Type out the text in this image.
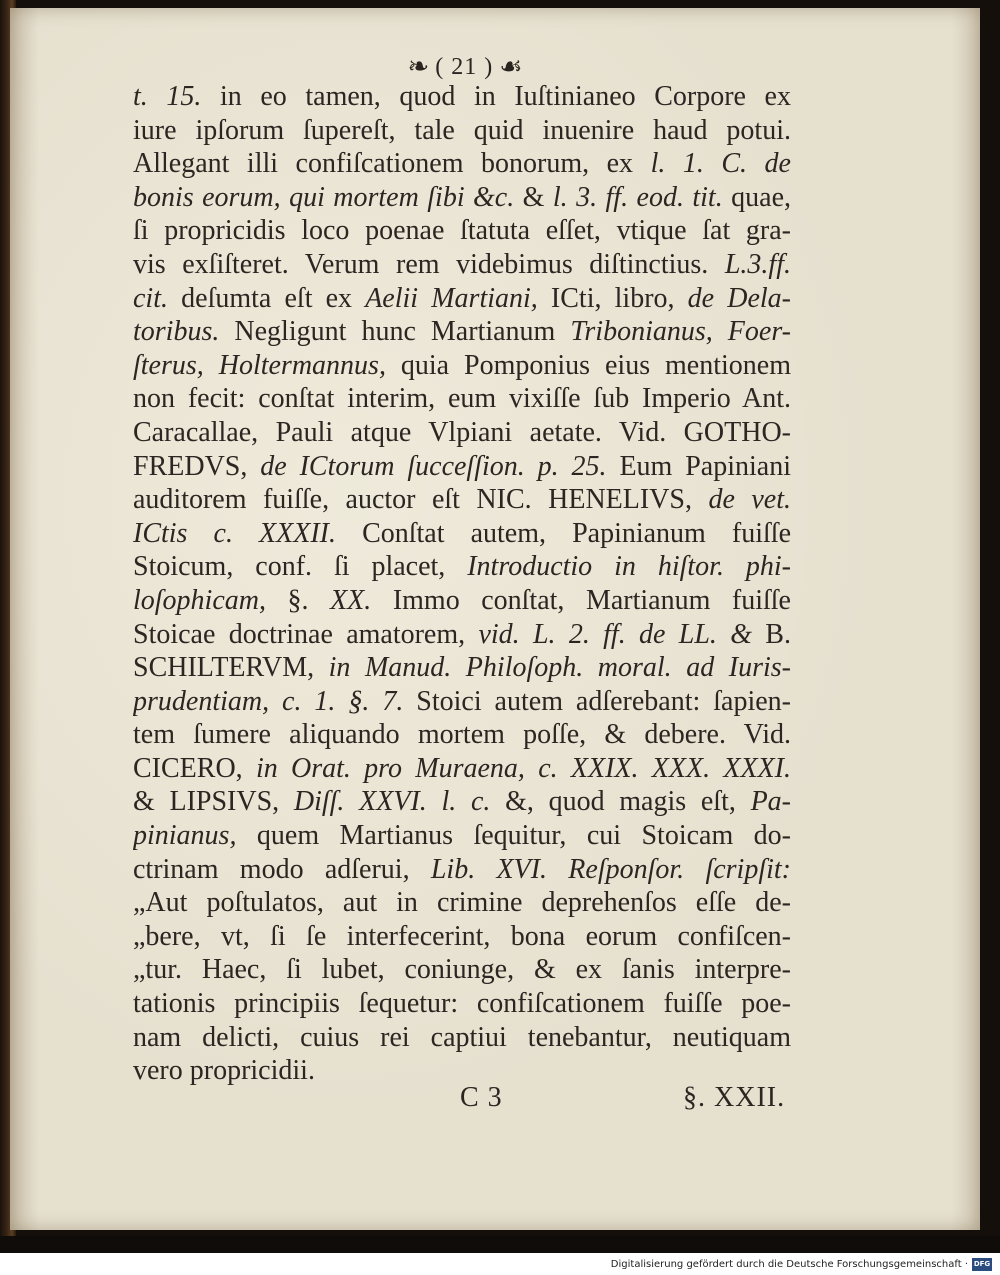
❧ ( 21 ) ☙
t. 15. in eo tamen, quod in Iuſtinianeo Corpore ex
iure ipſorum ſupereſt, tale quid inuenire haud potui.
Allegant illi confiſcationem bonorum, ex l. 1. C. de
bonis eorum, qui mortem ſibi &c. & l. 3. ff. eod. tit. quae,
ſi propricidis loco poenae ſtatuta eſſet, vtique ſat gra-
vis exſiſteret. Verum rem videbimus diſtinctius. L.3.ff.
cit. deſumta eſt ex Aelii Martiani, ICti, libro, de Dela-
toribus. Negligunt hunc Martianum Tribonianus, Foer-
ſterus, Holtermannus, quia Pomponius eius mentionem
non fecit: conſtat interim, eum vixiſſe ſub Imperio Ant.
Caracallae, Pauli atque Vlpiani aetate. Vid. GOTHO-
FREDVS, de ICtorum ſucceſſion. p. 25. Eum Papiniani
auditorem fuiſſe, auctor eſt NIC. HENELIVS, de vet.
ICtis c. XXXII. Conſtat autem, Papinianum fuiſſe
Stoicum, conf. ſi placet, Introductio in hiſtor. phi-
loſophicam, §. XX. Immo conſtat, Martianum fuiſſe
Stoicae doctrinae amatorem, vid. L. 2. ff. de LL. & B.
SCHILTERVM, in Manud. Philoſoph. moral. ad Iuris-
prudentiam, c. 1. §. 7. Stoici autem adſerebant: ſapien-
tem ſumere aliquando mortem poſſe, & debere. Vid.
CICERO, in Orat. pro Muraena, c. XXIX. XXX. XXXI.
& LIPSIVS, Diſſ. XXVI. l. c. &, quod magis eſt, Pa-
pinianus, quem Martianus ſequitur, cui Stoicam do-
ctrinam modo adſerui, Lib. XVI. Reſponſor. ſcripſit:
„Aut poſtulatos, aut in crimine deprehenſos eſſe de-
„bere, vt, ſi ſe interfecerint, bona eorum confiſcen-
„tur. Haec, ſi lubet, coniunge, & ex ſanis interpre-
tationis principiis ſequetur: confiſcationem fuiſſe poe-
nam delicti, cuius rei captiui tenebantur, neutiquam
vero propricidii.
C 3	§. XXII.
Digitalisierung gefördert durch die Deutsche Forschungsgemeinschaft · DFG
